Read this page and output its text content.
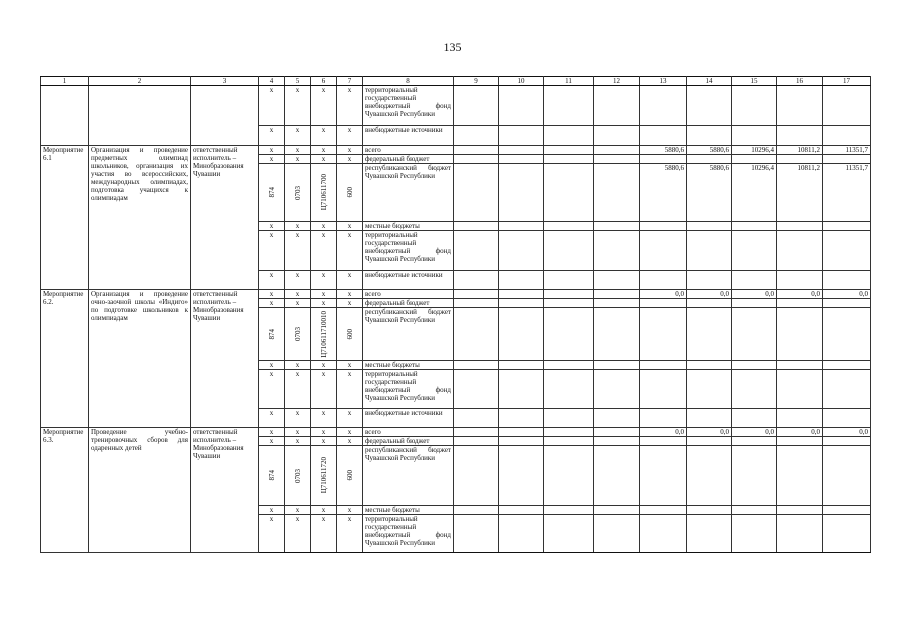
135
1	2	3	4	5	6	7	8	9	10	11	12	13	14	15	16	17
			x	x	x	x	территориальный государственный внебюджетный фонд Чувашской Республики									
			x	x	x	x	внебюджетные источники									
Мероприятие 6.1	Организация и проведение предметных олимпиад школьников, организация их участия во всероссийских, международных олимпиадах, подготовка учащихся к олимпиадам	ответственный исполнитель – Минобразования Чувашии	x	x	x	x	всего					5880,6	5880,6	10296,4	10811,2	11351,7
			x	x	x	x	федеральный бюджет									

			874	0703	Ц710611700	600	республиканский бюджет Чувашской Республики					5880,6	5880,6	10296,4	10811,2	11351,7
			x	x	x	x	местные бюджеты									
			x	x	x	x	территориальный государственный внебюджетный фонд Чувашской Республики									
			x	x	x	x	внебюджетные источники									
Мероприятие 6.2.	Организация и проведение очно-заочной школы «Индиго» по подготовке школьников к олимпиадам	ответственный исполнитель – Минобразования Чувашии	x	x	x	x	всего					0,0	0,0	0,0	0,0	0,0
			x	x	x	x	федеральный бюджет									

			874	0703	Ц710611710010	600	республиканский бюджет Чувашской Республики									
			x	x	x	x	местные бюджеты									
			x	x	x	x	территориальный государственный внебюджетный фонд Чувашской Республики									
			x	x	x	x	внебюджетные источники									
Мероприятие 6.3.	Проведение учебно-тренировочных сборов для одаренных детей	ответственный исполнитель – Минобразования Чувашии	x	x	x	x	всего					0,0	0,0	0,0	0,0	0,0
			x	x	x	x	федеральный бюджет									

			874	0703	Ц710611720	600	республиканский бюджет Чувашской Республики									
			x	x	x	x	местные бюджеты									
			x	x	x	x	территориальный государственный внебюджетный фонд Чувашской Республики									
